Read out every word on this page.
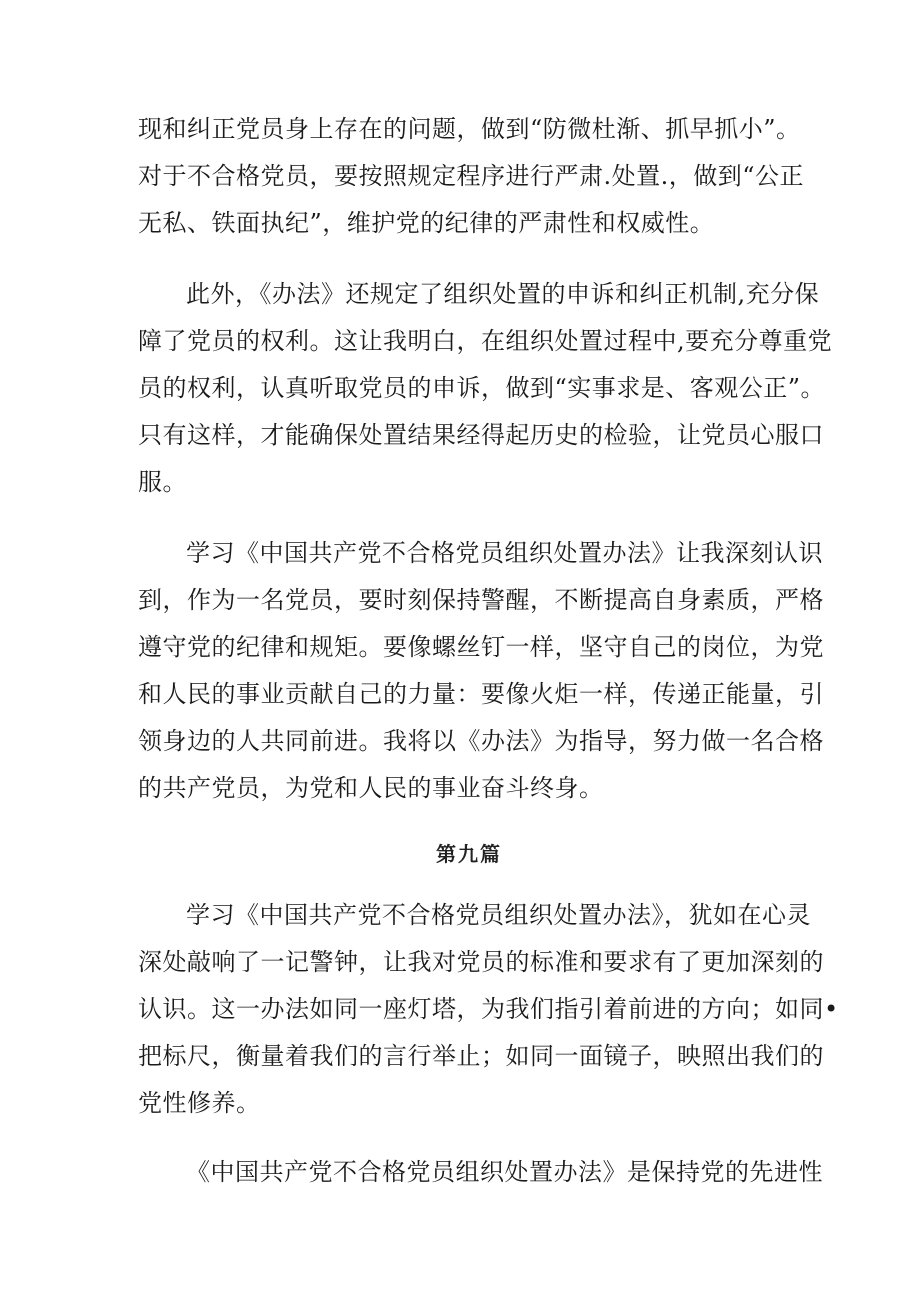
现和纠正党员身上存在的问题，做到“防微杜渐、抓早抓小”。
对于不合格党员，要按照规定程序进行严肃.处置.，做到“公正
无私、铁面执纪”，维护党的纪律的严肃性和权威性。

此外，《办法》还规定了组织处置的申诉和纠正机制,充分保
障了党员的权利。这让我明白，在组织处置过程中,要充分尊重党
员的权利，认真听取党员的申诉，做到“实事求是、客观公正”。
只有这样，才能确保处置结果经得起历史的检验，让党员心服口
服。

学习《中国共产党不合格党员组织处置办法》让我深刻认识
到，作为一名党员，要时刻保持警醒，不断提高自身素质，严格
遵守党的纪律和规矩。要像螺丝钉一样，坚守自己的岗位，为党
和人民的事业贡献自己的力量：要像火炬一样，传递正能量，引
领身边的人共同前进。我将以《办法》为指导，努力做一名合格
的共产党员，为党和人民的事业奋斗终身。

第九篇

学习《中国共产党不合格党员组织处置办法》，犹如在心灵
深处敲响了一记警钟，让我对党员的标准和要求有了更加深刻的
认识。这一办法如同一座灯塔，为我们指引着前进的方向；如同•
把标尺，衡量着我们的言行举止；如同一面镜子，映照出我们的
党性修养。

《中国共产党不合格党员组织处置办法》是保持党的先进性
